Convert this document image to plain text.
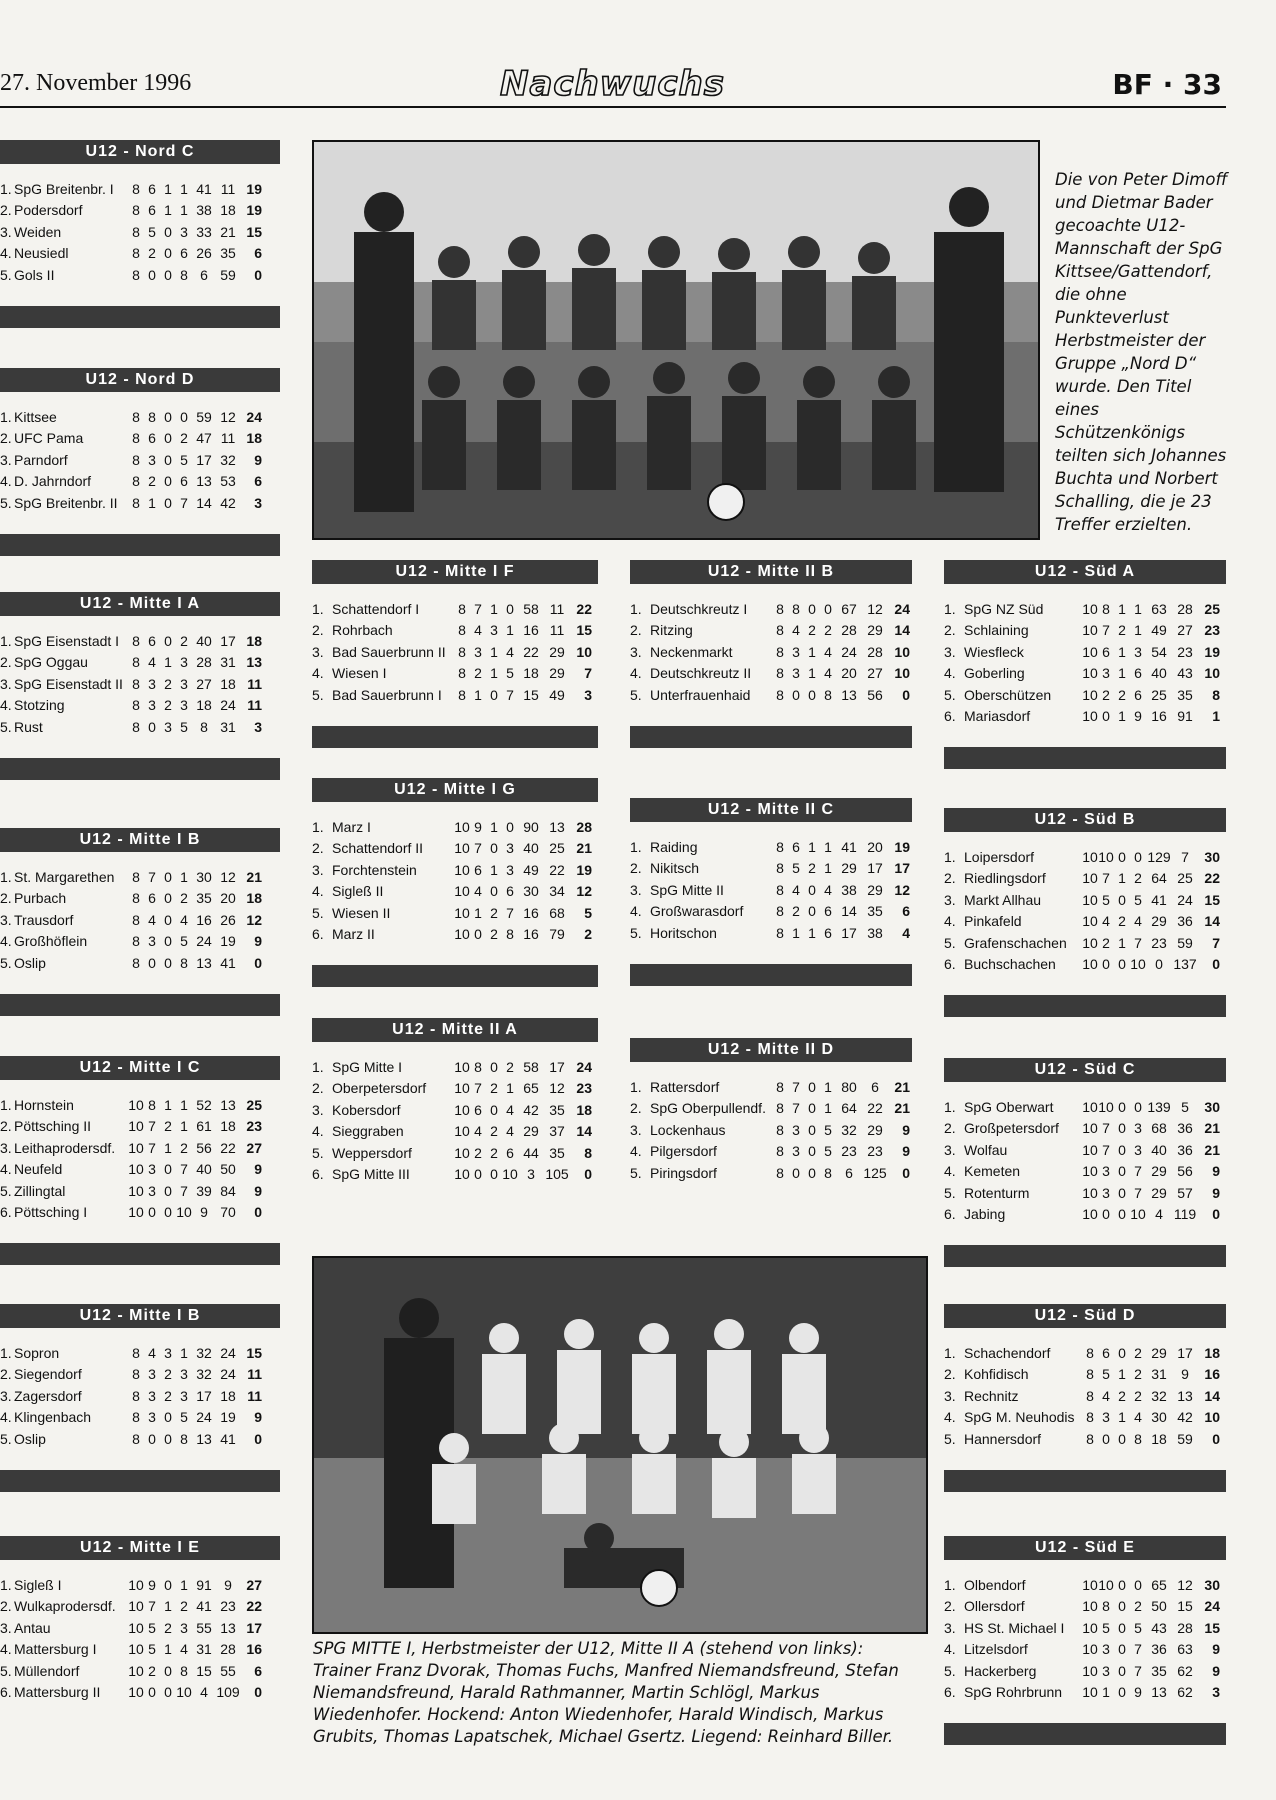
27. November 1996	Nachwuchs	BF · 33
Die von Peter Dimoff und Dietmar Bader gecoachte U12-Mannschaft der SpG Kittsee/Gattendorf, die ohne Punkteverlust Herbstmeister der Gruppe „Nord D“ wurde. Den Titel eines Schützenkönigs teilten sich Johannes Buchta und Norbert Schalling, die je 23 Treffer erzielten.
SPG MITTE I, Herbstmeister der U12, Mitte II A (stehend von links): Trainer Franz Dvorak, Thomas Fuchs, Manfred Niemandsfreund, Stefan Niemandsfreund, Harald Rathmanner, Martin Schlögl, Markus Wiedenhofer. Hockend: Anton Wiedenhofer, Harald Windisch, Markus Grubits, Thomas Lapatschek, Michael Gsertz. Liegend: Reinhard Biller.
U12 - Nord C
1.	SpG Breitenbr. I	8	6	1	1	41	11	19
2.	Podersdorf	8	6	1	1	38	18	19
3.	Weiden	8	5	0	3	33	21	15
4.	Neusiedl	8	2	0	6	26	35	6
5.	Gols II	8	0	0	8	6	59	0
U12 - Nord D
1.	Kittsee	8	8	0	0	59	12	24
2.	UFC Pama	8	6	0	2	47	11	18
3.	Parndorf	8	3	0	5	17	32	9
4.	D. Jahrndorf	8	2	0	6	13	53	6
5.	SpG Breitenbr. II	8	1	0	7	14	42	3
U12 - Mitte I A
1.	SpG Eisenstadt I	8	6	0	2	40	17	18
2.	SpG Oggau	8	4	1	3	28	31	13
3.	SpG Eisenstadt II	8	3	2	3	27	18	11
4.	Stotzing	8	3	2	3	18	24	11
5.	Rust	8	0	3	5	8	31	3
U12 - Mitte I B
1.	St. Margarethen	8	7	0	1	30	12	21
2.	Purbach	8	6	0	2	35	20	18
3.	Trausdorf	8	4	0	4	16	26	12
4.	Großhöflein	8	3	0	5	24	19	9
5.	Oslip	8	0	0	8	13	41	0
U12 - Mitte I C
1.	Hornstein	10	8	1	1	52	13	25
2.	Pöttsching II	10	7	2	1	61	18	23
3.	Leithaprodersdf.	10	7	1	2	56	22	27
4.	Neufeld	10	3	0	7	40	50	9
5.	Zillingtal	10	3	0	7	39	84	9
6.	Pöttsching I	10	0	0	10	9	70	0
U12 - Mitte I B
1.	Sopron	8	4	3	1	32	24	15
2.	Siegendorf	8	3	2	3	32	24	11
3.	Zagersdorf	8	3	2	3	17	18	11
4.	Klingenbach	8	3	0	5	24	19	9
5.	Oslip	8	0	0	8	13	41	0
U12 - Mitte I E
1.	Sigleß I	10	9	0	1	91	9	27
2.	Wulkaprodersdf.	10	7	1	2	41	23	22
3.	Antau	10	5	2	3	55	13	17
4.	Mattersburg I	10	5	1	4	31	28	16
5.	Müllendorf	10	2	0	8	15	55	6
6.	Mattersburg II	10	0	0	10	4	109	0
U12 - Mitte I F
1.	Schattendorf I	8	7	1	0	58	11	22
2.	Rohrbach	8	4	3	1	16	11	15
3.	Bad Sauerbrunn II	8	3	1	4	22	29	10
4.	Wiesen I	8	2	1	5	18	29	7
5.	Bad Sauerbrunn I	8	1	0	7	15	49	3
U12 - Mitte I G
1.	Marz I	10	9	1	0	90	13	28
2.	Schattendorf II	10	7	0	3	40	25	21
3.	Forchtenstein	10	6	1	3	49	22	19
4.	Sigleß II	10	4	0	6	30	34	12
5.	Wiesen II	10	1	2	7	16	68	5
6.	Marz II	10	0	2	8	16	79	2
U12 - Mitte II A
1.	SpG Mitte I	10	8	0	2	58	17	24
2.	Oberpetersdorf	10	7	2	1	65	12	23
3.	Kobersdorf	10	6	0	4	42	35	18
4.	Sieggraben	10	4	2	4	29	37	14
5.	Weppersdorf	10	2	2	6	44	35	8
6.	SpG Mitte III	10	0	0	10	3	105	0
U12 - Mitte II B
1.	Deutschkreutz I	8	8	0	0	67	12	24
2.	Ritzing	8	4	2	2	28	29	14
3.	Neckenmarkt	8	3	1	4	24	28	10
4.	Deutschkreutz II	8	3	1	4	20	27	10
5.	Unterfrauenhaid	8	0	0	8	13	56	0
U12 - Mitte II C
1.	Raiding	8	6	1	1	41	20	19
2.	Nikitsch	8	5	2	1	29	17	17
3.	SpG Mitte II	8	4	0	4	38	29	12
4.	Großwarasdorf	8	2	0	6	14	35	6
5.	Horitschon	8	1	1	6	17	38	4
U12 - Mitte II D
1.	Rattersdorf	8	7	0	1	80	6	21
2.	SpG Oberpullendf.	8	7	0	1	64	22	21
3.	Lockenhaus	8	3	0	5	32	29	9
4.	Pilgersdorf	8	3	0	5	23	23	9
5.	Piringsdorf	8	0	0	8	6	125	0
U12 - Süd A
1.	SpG NZ Süd	10	8	1	1	63	28	25
2.	Schlaining	10	7	2	1	49	27	23
3.	Wiesfleck	10	6	1	3	54	23	19
4.	Goberling	10	3	1	6	40	43	10
5.	Oberschützen	10	2	2	6	25	35	8
6.	Mariasdorf	10	0	1	9	16	91	1
U12 - Süd B
1.	Loipersdorf	10	10	0	0	129	7	30
2.	Riedlingsdorf	10	7	1	2	64	25	22
3.	Markt Allhau	10	5	0	5	41	24	15
4.	Pinkafeld	10	4	2	4	29	36	14
5.	Grafenschachen	10	2	1	7	23	59	7
6.	Buchschachen	10	0	0	10	0	137	0
U12 - Süd C
1.	SpG Oberwart	10	10	0	0	139	5	30
2.	Großpetersdorf	10	7	0	3	68	36	21
3.	Wolfau	10	7	0	3	40	36	21
4.	Kemeten	10	3	0	7	29	56	9
5.	Rotenturm	10	3	0	7	29	57	9
6.	Jabing	10	0	0	10	4	119	0
U12 - Süd D
1.	Schachendorf	8	6	0	2	29	17	18
2.	Kohfidisch	8	5	1	2	31	9	16
3.	Rechnitz	8	4	2	2	32	13	14
4.	SpG M. Neuhodis	8	3	1	4	30	42	10
5.	Hannersdorf	8	0	0	8	18	59	0
U12 - Süd E
1.	Olbendorf	10	10	0	0	65	12	30
2.	Ollersdorf	10	8	0	2	50	15	24
3.	HS St. Michael I	10	5	0	5	43	28	15
4.	Litzelsdorf	10	3	0	7	36	63	9
5.	Hackerberg	10	3	0	7	35	62	9
6.	SpG Rohrbrunn	10	1	0	9	13	62	3
